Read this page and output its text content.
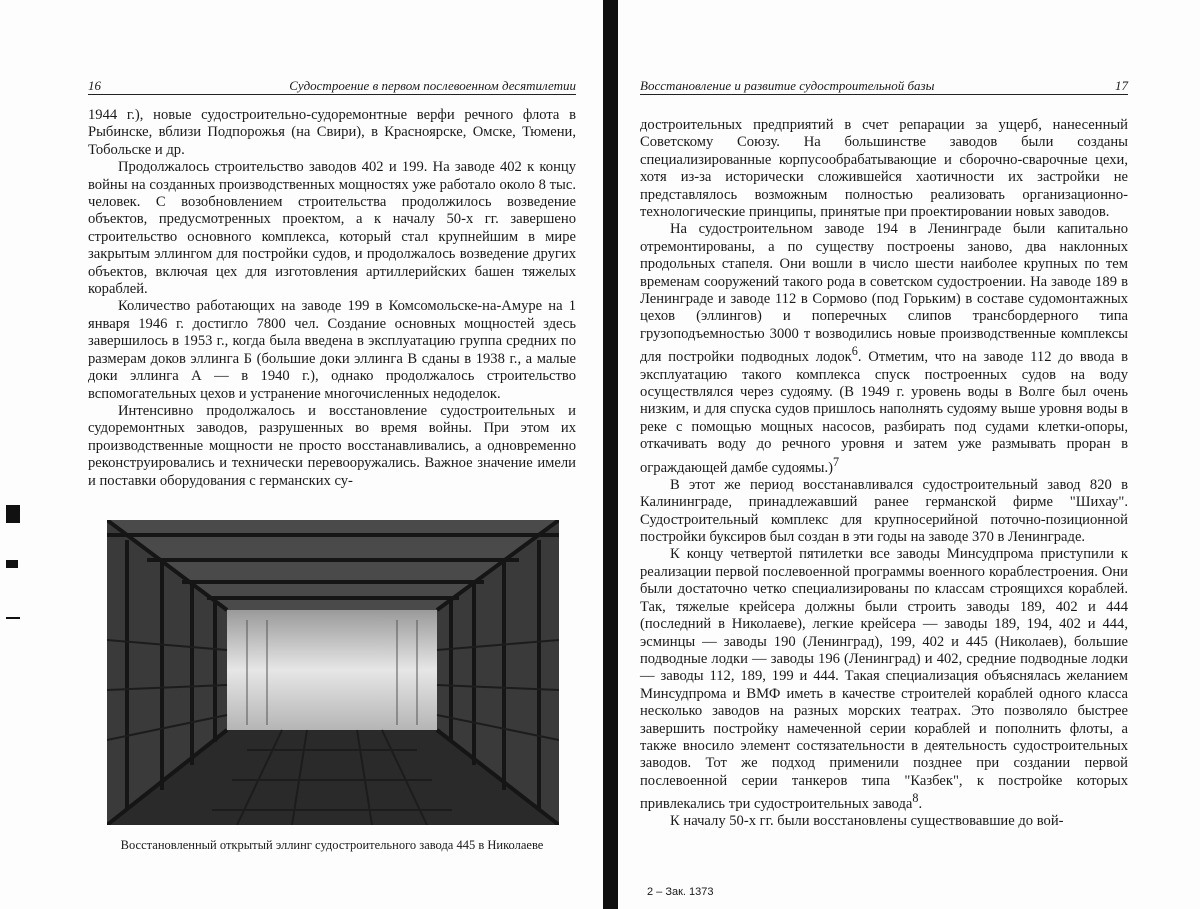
16	Судостроение в первом послевоенном десятилетии

1944 г.), новые судостроительно-судоремонтные верфи речного флота в Рыбинске, вблизи Подпорожья (на Свири), в Красноярске, Омске, Тюмени, Тобольске и др.

Продолжалось строительство заводов 402 и 199. На заводе 402 к концу войны на созданных производственных мощностях уже работало около 8 тыс. человек. С возобновлением строительства продолжилось возведение объектов, предусмотренных проектом, а к началу 50-х гг. завершено строительство основного комплекса, который стал крупнейшим в мире закрытым эллингом для постройки судов, и продолжалось возведение других объектов, включая цех для изготовления артиллерийских башен тяжелых кораблей.

Количество работающих на заводе 199 в Комсомольске-на-Амуре на 1 января 1946 г. достигло 7800 чел. Создание основных мощностей здесь завершилось в 1953 г., когда была введена в эксплуатацию группа средних по размерам доков эллинга Б (большие доки эллинга В сданы в 1938 г., а малые доки эллинга А — в 1940 г.), однако продолжалось строительство вспомогательных цехов и устранение многочисленных недоделок.

Интенсивно продолжалось и восстановление судостроительных и судоремонтных заводов, разрушенных во время войны. При этом их производственные мощности не просто восстанавливались, а одновременно реконструировались и технически перевооружались. Важное значение имели и поставки оборудования с германских су-

Восстановленный открытый эллинг судостроительного завода 445 в Николаеве
Восстановление и развитие судостроительной базы	17

достроительных предприятий в счет репарации за ущерб, нанесенный Советскому Союзу. На большинстве заводов были созданы специализированные корпусообрабатывающие и сборочно-сварочные цехи, хотя из-за исторически сложившейся хаотичности их застройки не представлялось возможным полностью реализовать организационно-технологические принципы, принятые при проектировании новых заводов.

На судостроительном заводе 194 в Ленинграде были капитально отремонтированы, а по существу построены заново, два наклонных продольных стапеля. Они вошли в число шести наиболее крупных по тем временам сооружений такого рода в советском судостроении. На заводе 189 в Ленинграде и заводе 112 в Сормово (под Горьким) в составе судомонтажных цехов (эллингов) и поперечных слипов трансбордерного типа грузоподъемностью 3000 т возводились новые производственные комплексы для постройки подводных лодок$^6$. Отметим, что на заводе 112 до ввода в эксплуатацию такого комплекса спуск построенных судов на воду осуществлялся через судояму. (В 1949 г. уровень воды в Волге был очень низким, и для спуска судов пришлось наполнять судояму выше уровня воды в реке с помощью мощных насосов, разбирать под судами клетки-опоры, откачивать воду до речного уровня и затем уже размывать проран в ограждающей дамбе судоямы.)$^7$

В этот же период восстанавливался судостроительный завод 820 в Калининграде, принадлежавший ранее германской фирме "Шихау". Судостроительный комплекс для крупносерийной поточно-позиционной постройки буксиров был создан в эти годы на заводе 370 в Ленинграде.

К концу четвертой пятилетки все заводы Минсудпрома приступили к реализации первой послевоенной программы военного кораблестроения. Они были достаточно четко специализированы по классам строящихся кораблей. Так, тяжелые крейсера должны были строить заводы 189, 402 и 444 (последний в Николаеве), легкие крейсера — заводы 189, 194, 402 и 444, эсминцы — заводы 190 (Ленинград), 199, 402 и 445 (Николаев), большие подводные лодки — заводы 196 (Ленинград) и 402, средние подводные лодки — заводы 112, 189, 199 и 444. Такая специализация объяснялась желанием Минсудпрома и ВМФ иметь в качестве строителей кораблей одного класса несколько заводов на разных морских театрах. Это позволяло быстрее завершить постройку намеченной серии кораблей и пополнить флоты, а также вносило элемент состязательности в деятельность судостроительных заводов. Тот же подход применили позднее при создании первой послевоенной серии танкеров типа "Казбек", к постройке которых привлекались три судостроительных завода$^8$.

К началу 50-х гг. были восстановлены существовавшие до вой-

2 – Зак. 1373
